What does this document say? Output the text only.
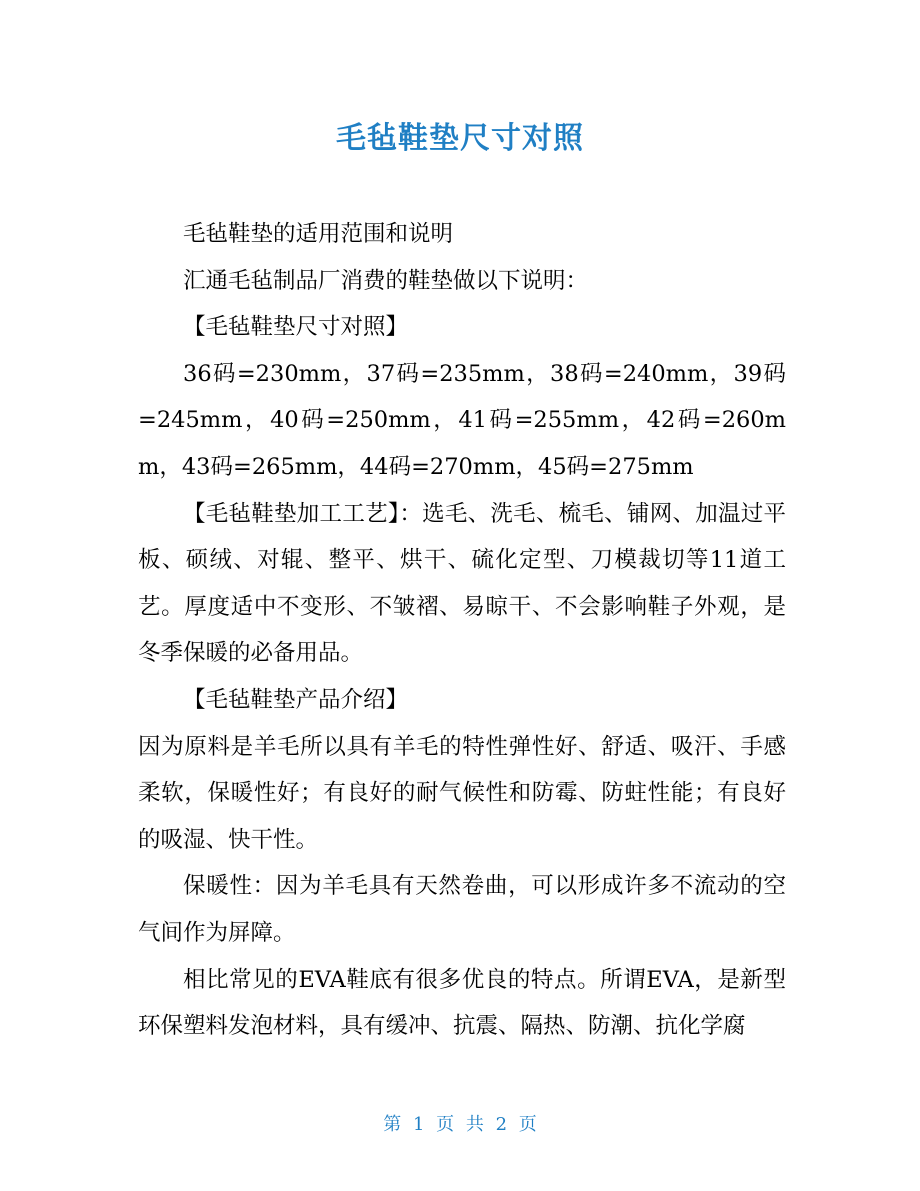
毛毡鞋垫尺寸对照

毛毡鞋垫的适用范围和说明

汇通毛毡制品厂消费的鞋垫做以下说明：

【毛毡鞋垫尺寸对照】

36码=230mm，37码=235mm，38码=240mm，39码=245mm，40码=250mm，41码=255mm，42码=260mm，43码=265mm，44码=270mm，45码=275mm

【毛毡鞋垫加工工艺】：选毛、洗毛、梳毛、铺网、加温过平板、硕绒、对辊、整平、烘干、硫化定型、刀模裁切等11道工艺。厚度适中不变形、不皱褶、易晾干、不会影响鞋子外观，是冬季保暖的必备用品。

【毛毡鞋垫产品介绍】

因为原料是羊毛所以具有羊毛的特性弹性好、舒适、吸汗、手感柔软，保暖性好；有良好的耐气候性和防霉、防蛀性能；有良好的吸湿、快干性。

保暖性：因为羊毛具有天然卷曲，可以形成许多不流动的空气间作为屏障。

相比常见的EVA鞋底有很多优良的特点。所谓EVA，是新型环保塑料发泡材料，具有缓冲、抗震、隔热、防潮、抗化学腐

第 1 页 共 2 页
